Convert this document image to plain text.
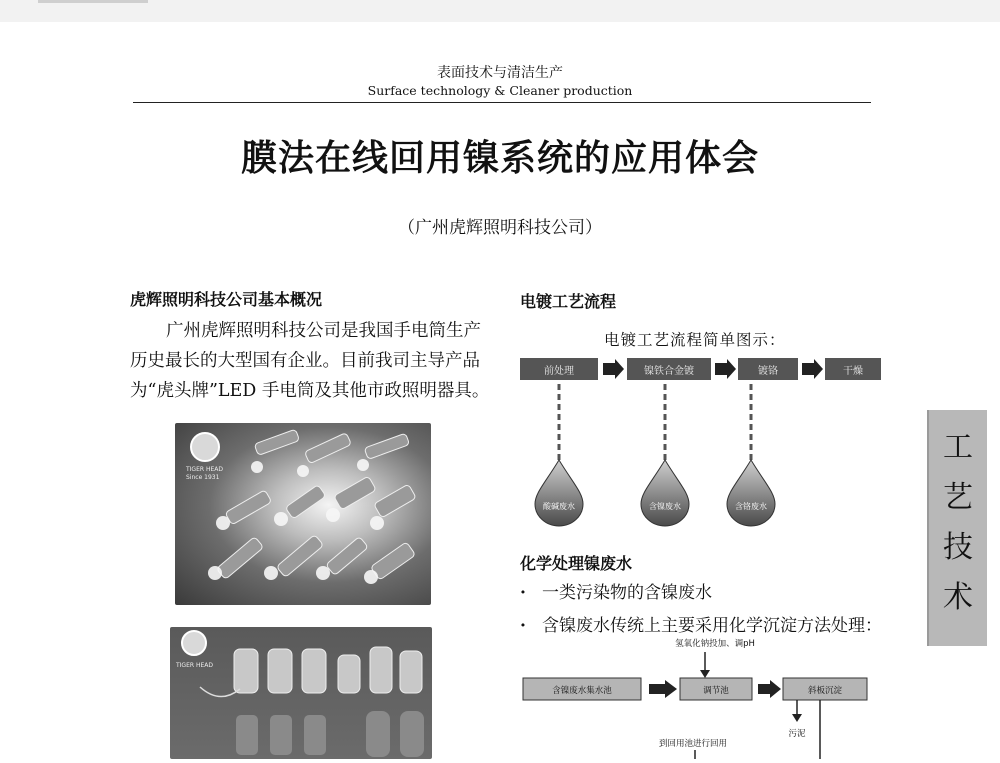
表面技术与清洁生产
Surface technology & Cleaner production
膜法在线回用镍系统的应用体会
（广州虎辉照明科技公司）
虎辉照明科技公司基本概况
广州虎辉照明科技公司是我国手电筒生产历史最长的大型国有企业。目前我司主导产品为“虎头牌”LED 手电筒及其他市政照明器具。
TIGER HEAD
Since 1931
TIGER HEAD
电镀工艺流程
电镀工艺流程简单图示：
前处理	镍铁合金镀	镀铬	干燥
酸碱废水	含镍废水	含铬废水
化学处理镍废水
· 一类污染物的含镍废水
· 含镍废水传统上主要采用化学沉淀方法处理：
氢氧化钠投加、调pH
含镍废水集水池	调节池	斜板沉淀
污泥
到回用池进行回用
工
艺
技
术
